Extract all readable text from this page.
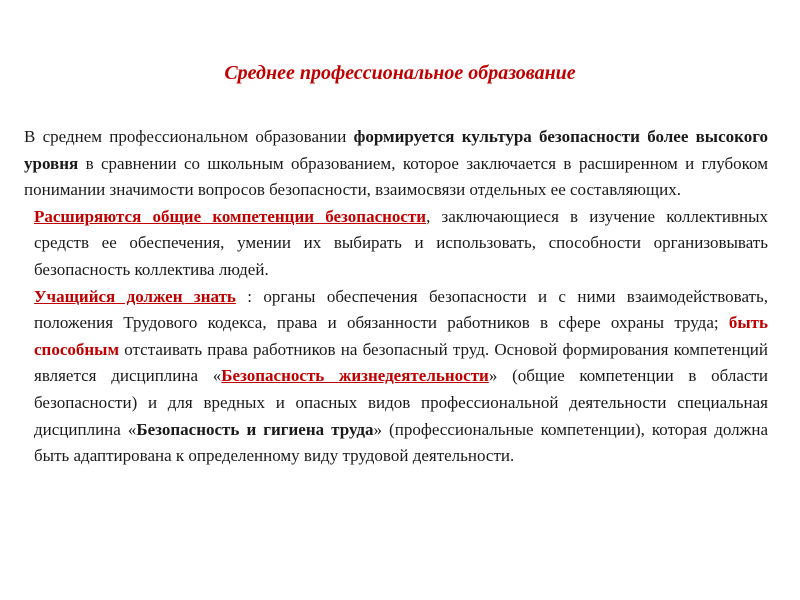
Среднее профессиональное образование

В среднем профессиональном образовании формируется культура безопасности более высокого уровня в сравнении со школьным образованием, которое заключается в расширенном и глубоком понимании значимости вопросов безопасности, взаимосвязи отдельных ее составляющих.

Расширяются общие компетенции безопасности, заключающиеся в изучение коллективных средств ее обеспечения, умении их выбирать и использовать, способности организовывать безопасность коллектива людей.

Учащийся должен знать : органы обеспечения безопасности и с ними взаимодействовать, положения Трудового кодекса, права и обязанности работников в сфере охраны труда; быть способным отстаивать права работников на безопасный труд. Основой формирования компетенций является дисциплина «Безопасность жизнедеятельности» (общие компетенции в области безопасности) и для вредных и опасных видов профессиональной деятельности специальная дисциплина «Безопасность и гигиена труда» (профессиональные компетенции), которая должна быть адаптирована к определенному виду трудовой деятельности.
